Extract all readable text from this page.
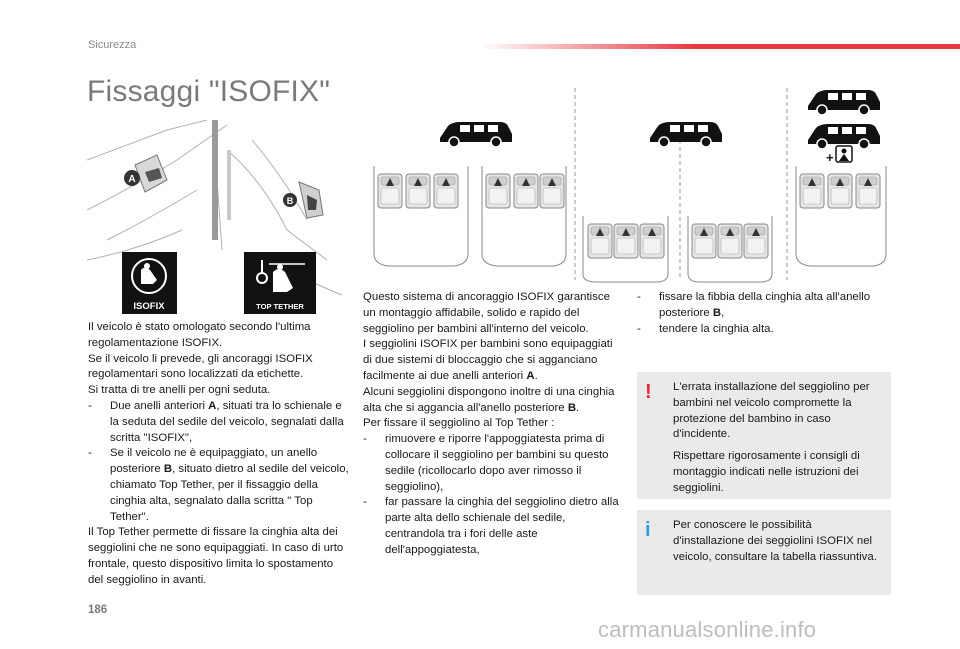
Sicurezza
Fissaggi "ISOFIX"
A
B
ISOFIX	TOP TETHER
+

Il veicolo è stato omologato secondo l'ultima regolamentazione ISOFIX.

Se il veicolo li prevede, gli ancoraggi ISOFIX regolamentari sono localizzati da etichette.

Si tratta di tre anelli per ogni seduta.

- Due anelli anteriori A, situati tra lo schienale e la seduta del sedile del veicolo, segnalati dalla scritta "ISOFIX",
- Se il veicolo ne è equipaggiato, un anello posteriore B, situato dietro al sedile del veicolo, chiamato Top Tether, per il fissaggio della cinghia alta, segnalato dalla scritta " Top Tether".

Il Top Tether permette di fissare la cinghia alta dei seggiolini che ne sono equipaggiati. In caso di urto frontale, questo dispositivo limita lo spostamento del seggiolino in avanti.

Questo sistema di ancoraggio ISOFIX garantisce un montaggio affidabile, solido e rapido del seggiolino per bambini all'interno del veicolo.

I seggiolini ISOFIX per bambini sono equipaggiati di due sistemi di bloccaggio che si agganciano facilmente ai due anelli anteriori A.

Alcuni seggiolini dispongono inoltre di una cinghia alta che si aggancia all'anello posteriore B.

Per fissare il seggiolino al Top Tether :

- rimuovere e riporre l'appoggiatesta prima di collocare il seggiolino per bambini su questo sedile (ricollocarlo dopo aver rimosso il seggiolino),
- far passare la cinghia del seggiolino dietro alla parte alta dello schienale del sedile, centrandola tra i fori delle aste dell'appoggiatesta,
- fissare la fibbia della cinghia alta all'anello posteriore B,
- tendere la cinghia alta.
! L'errata installazione del seggiolino per bambini nel veicolo compromette la protezione del bambino in caso d'incidente.

Rispettare rigorosamente i consigli di montaggio indicati nelle istruzioni dei seggiolini.

i Per conoscere le possibilità d'installazione dei seggiolini ISOFIX nel veicolo, consultare la tabella riassuntiva.

186
carmanualsonline.info
